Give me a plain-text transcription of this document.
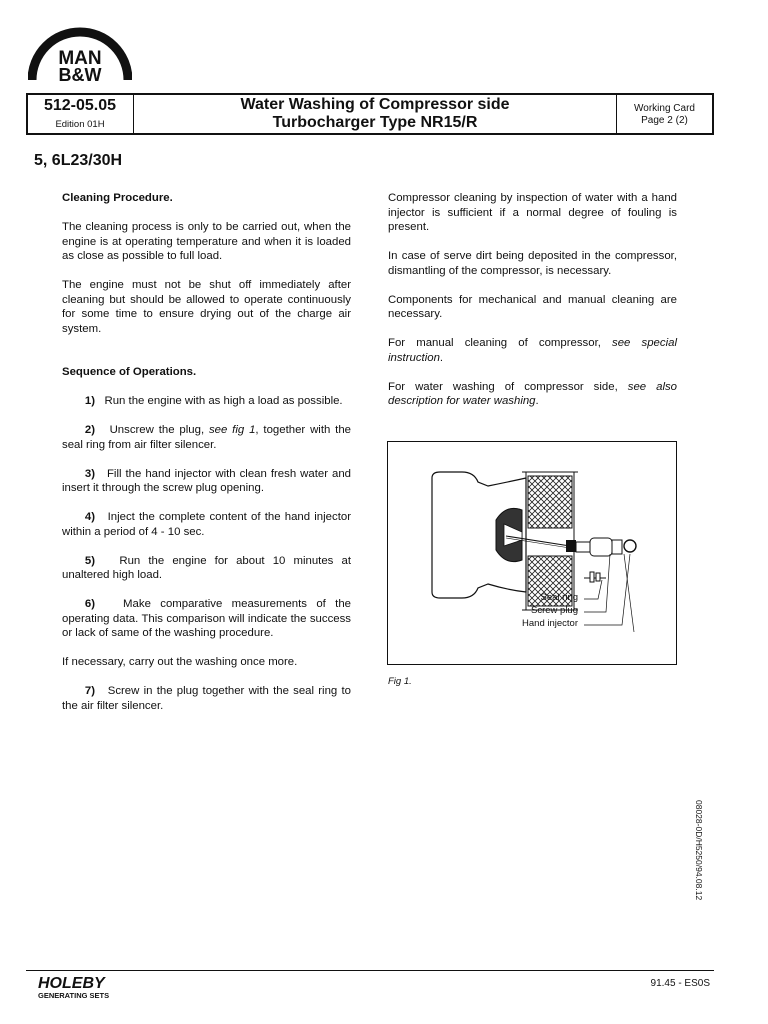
MAN
B&W
512-05.05
Edition 01H
Water Washing of Compressor side
Turbocharger Type NR15/R
Working Card
Page 2 (2)
5, 6L23/30H

Cleaning Procedure.

The cleaning process is only to be carried out, when the engine is at operating temperature and when it is loaded as close as possible to full load.

The engine must not be shut off immediately after cleaning but should be allowed to operate continuously for some time to ensure drying out of the charge air system.

Sequence of Operations.

1) Run the engine with as high a load as possible.

2) Unscrew the plug, see fig 1, together with the seal ring from air filter silencer.

3) Fill the hand injector with clean fresh water and insert it through the screw plug opening.

4) Inject the complete content of the hand injector within a period of 4 - 10 sec.

5) Run the engine for about 10 minutes at unaltered high load.

6) Make comparative measurements of the operating data. This comparison will indicate the success or lack of same of the washing procedure.

If necessary, carry out the washing once more.

7) Screw in the plug together with the seal ring to the air filter silencer.

Compressor cleaning by inspection of water with a hand injector is sufficient if a normal degree of fouling is present.

In case of serve dirt being deposited in the compressor, dismantling of the compressor, is necessary.

Components for mechanical and manual cleaning are necessary.

For manual cleaning of compressor, see special instruction.

For water washing of compressor side, see also description for water washing.

Seal ring
Screw plug
Hand injector
Fig 1.
08028-0D/H5250/94.08.12
HOLEBY
GENERATING SETS
91.45 - ES0S
